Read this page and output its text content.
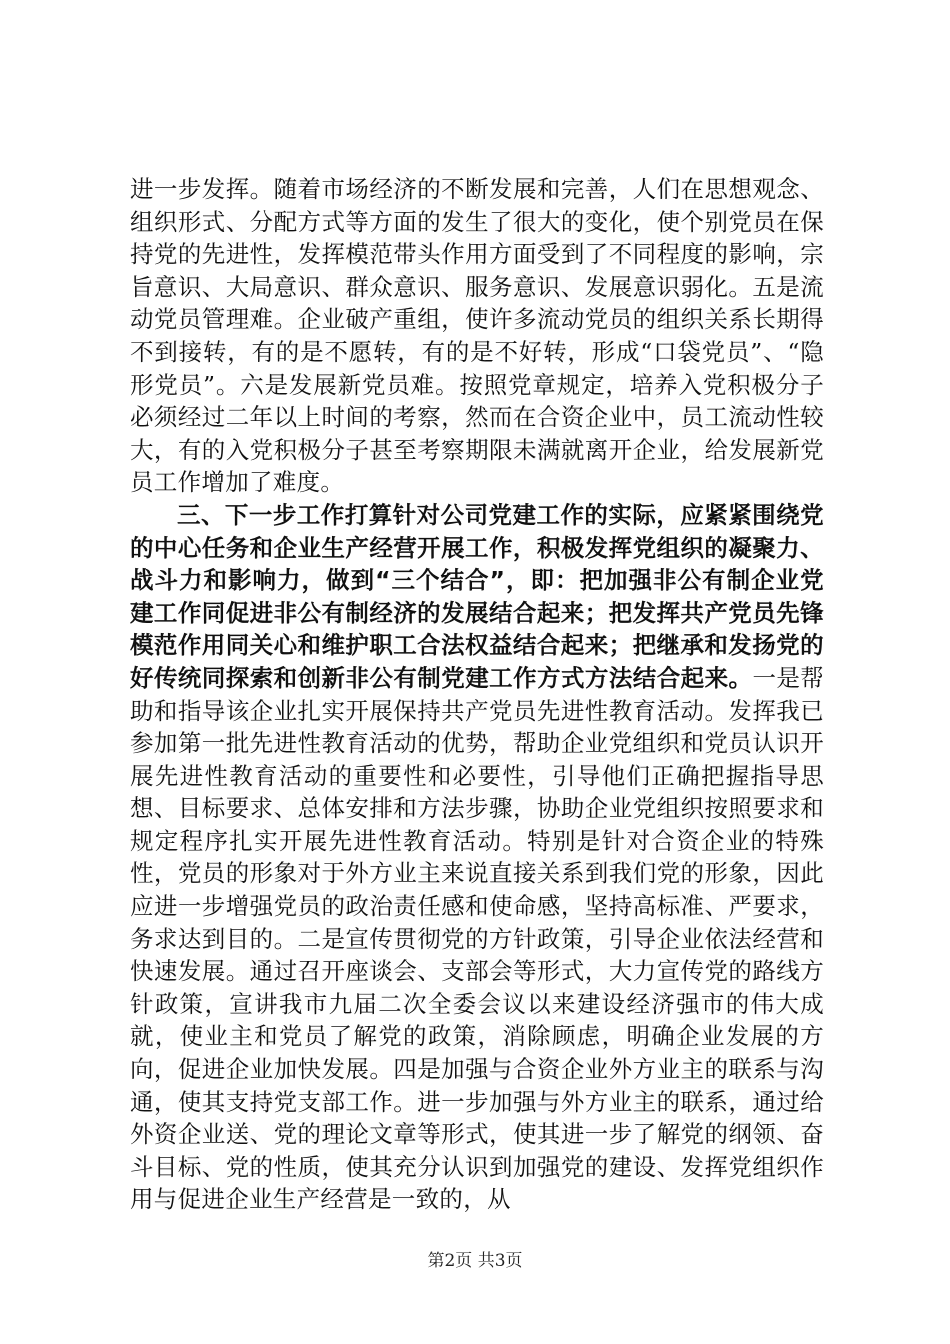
进一步发挥。随着市场经济的不断发展和完善，人们在思想观念、组织形式、分配方式等方面的发生了很大的变化，使个别党员在保持党的先进性，发挥模范带头作用方面受到了不同程度的影响，宗旨意识、大局意识、群众意识、服务意识、发展意识弱化。五是流动党员管理难。企业破产重组，使许多流动党员的组织关系长期得不到接转，有的是不愿转，有的是不好转，形成“口袋党员”、“隐形党员”。六是发展新党员难。按照党章规定，培养入党积极分子必须经过二年以上时间的考察，然而在合资企业中，员工流动性较大，有的入党积极分子甚至考察期限未满就离开企业，给发展新党员工作增加了难度。

三、下一步工作打算针对公司党建工作的实际，应紧紧围绕党的中心任务和企业生产经营开展工作，积极发挥党组织的凝聚力、战斗力和影响力，做到“三个结合”，即：把加强非公有制企业党建工作同促进非公有制经济的发展结合起来；把发挥共产党员先锋模范作用同关心和维护职工合法权益结合起来；把继承和发扬党的好传统同探索和创新非公有制党建工作方式方法结合起来。一是帮助和指导该企业扎实开展保持共产党员先进性教育活动。发挥我已参加第一批先进性教育活动的优势，帮助企业党组织和党员认识开展先进性教育活动的重要性和必要性，引导他们正确把握指导思想、目标要求、总体安排和方法步骤，协助企业党组织按照要求和规定程序扎实开展先进性教育活动。特别是针对合资企业的特殊性，党员的形象对于外方业主来说直接关系到我们党的形象，因此应进一步增强党员的政治责任感和使命感，坚持高标准、严要求，务求达到目的。二是宣传贯彻党的方针政策，引导企业依法经营和快速发展。通过召开座谈会、支部会等形式，大力宣传党的路线方针政策，宣讲我市九届二次全委会议以来建设经济强市的伟大成就，使业主和党员了解党的政策，消除顾虑，明确企业发展的方向，促进企业加快发展。四是加强与合资企业外方业主的联系与沟通，使其支持党支部工作。进一步加强与外方业主的联系，通过给外资企业送、党的理论文章等形式，使其进一步了解党的纲领、奋斗目标、党的性质，使其充分认识到加强党的建设、发挥党组织作用与促进企业生产经营是一致的，从

第2页 共3页
